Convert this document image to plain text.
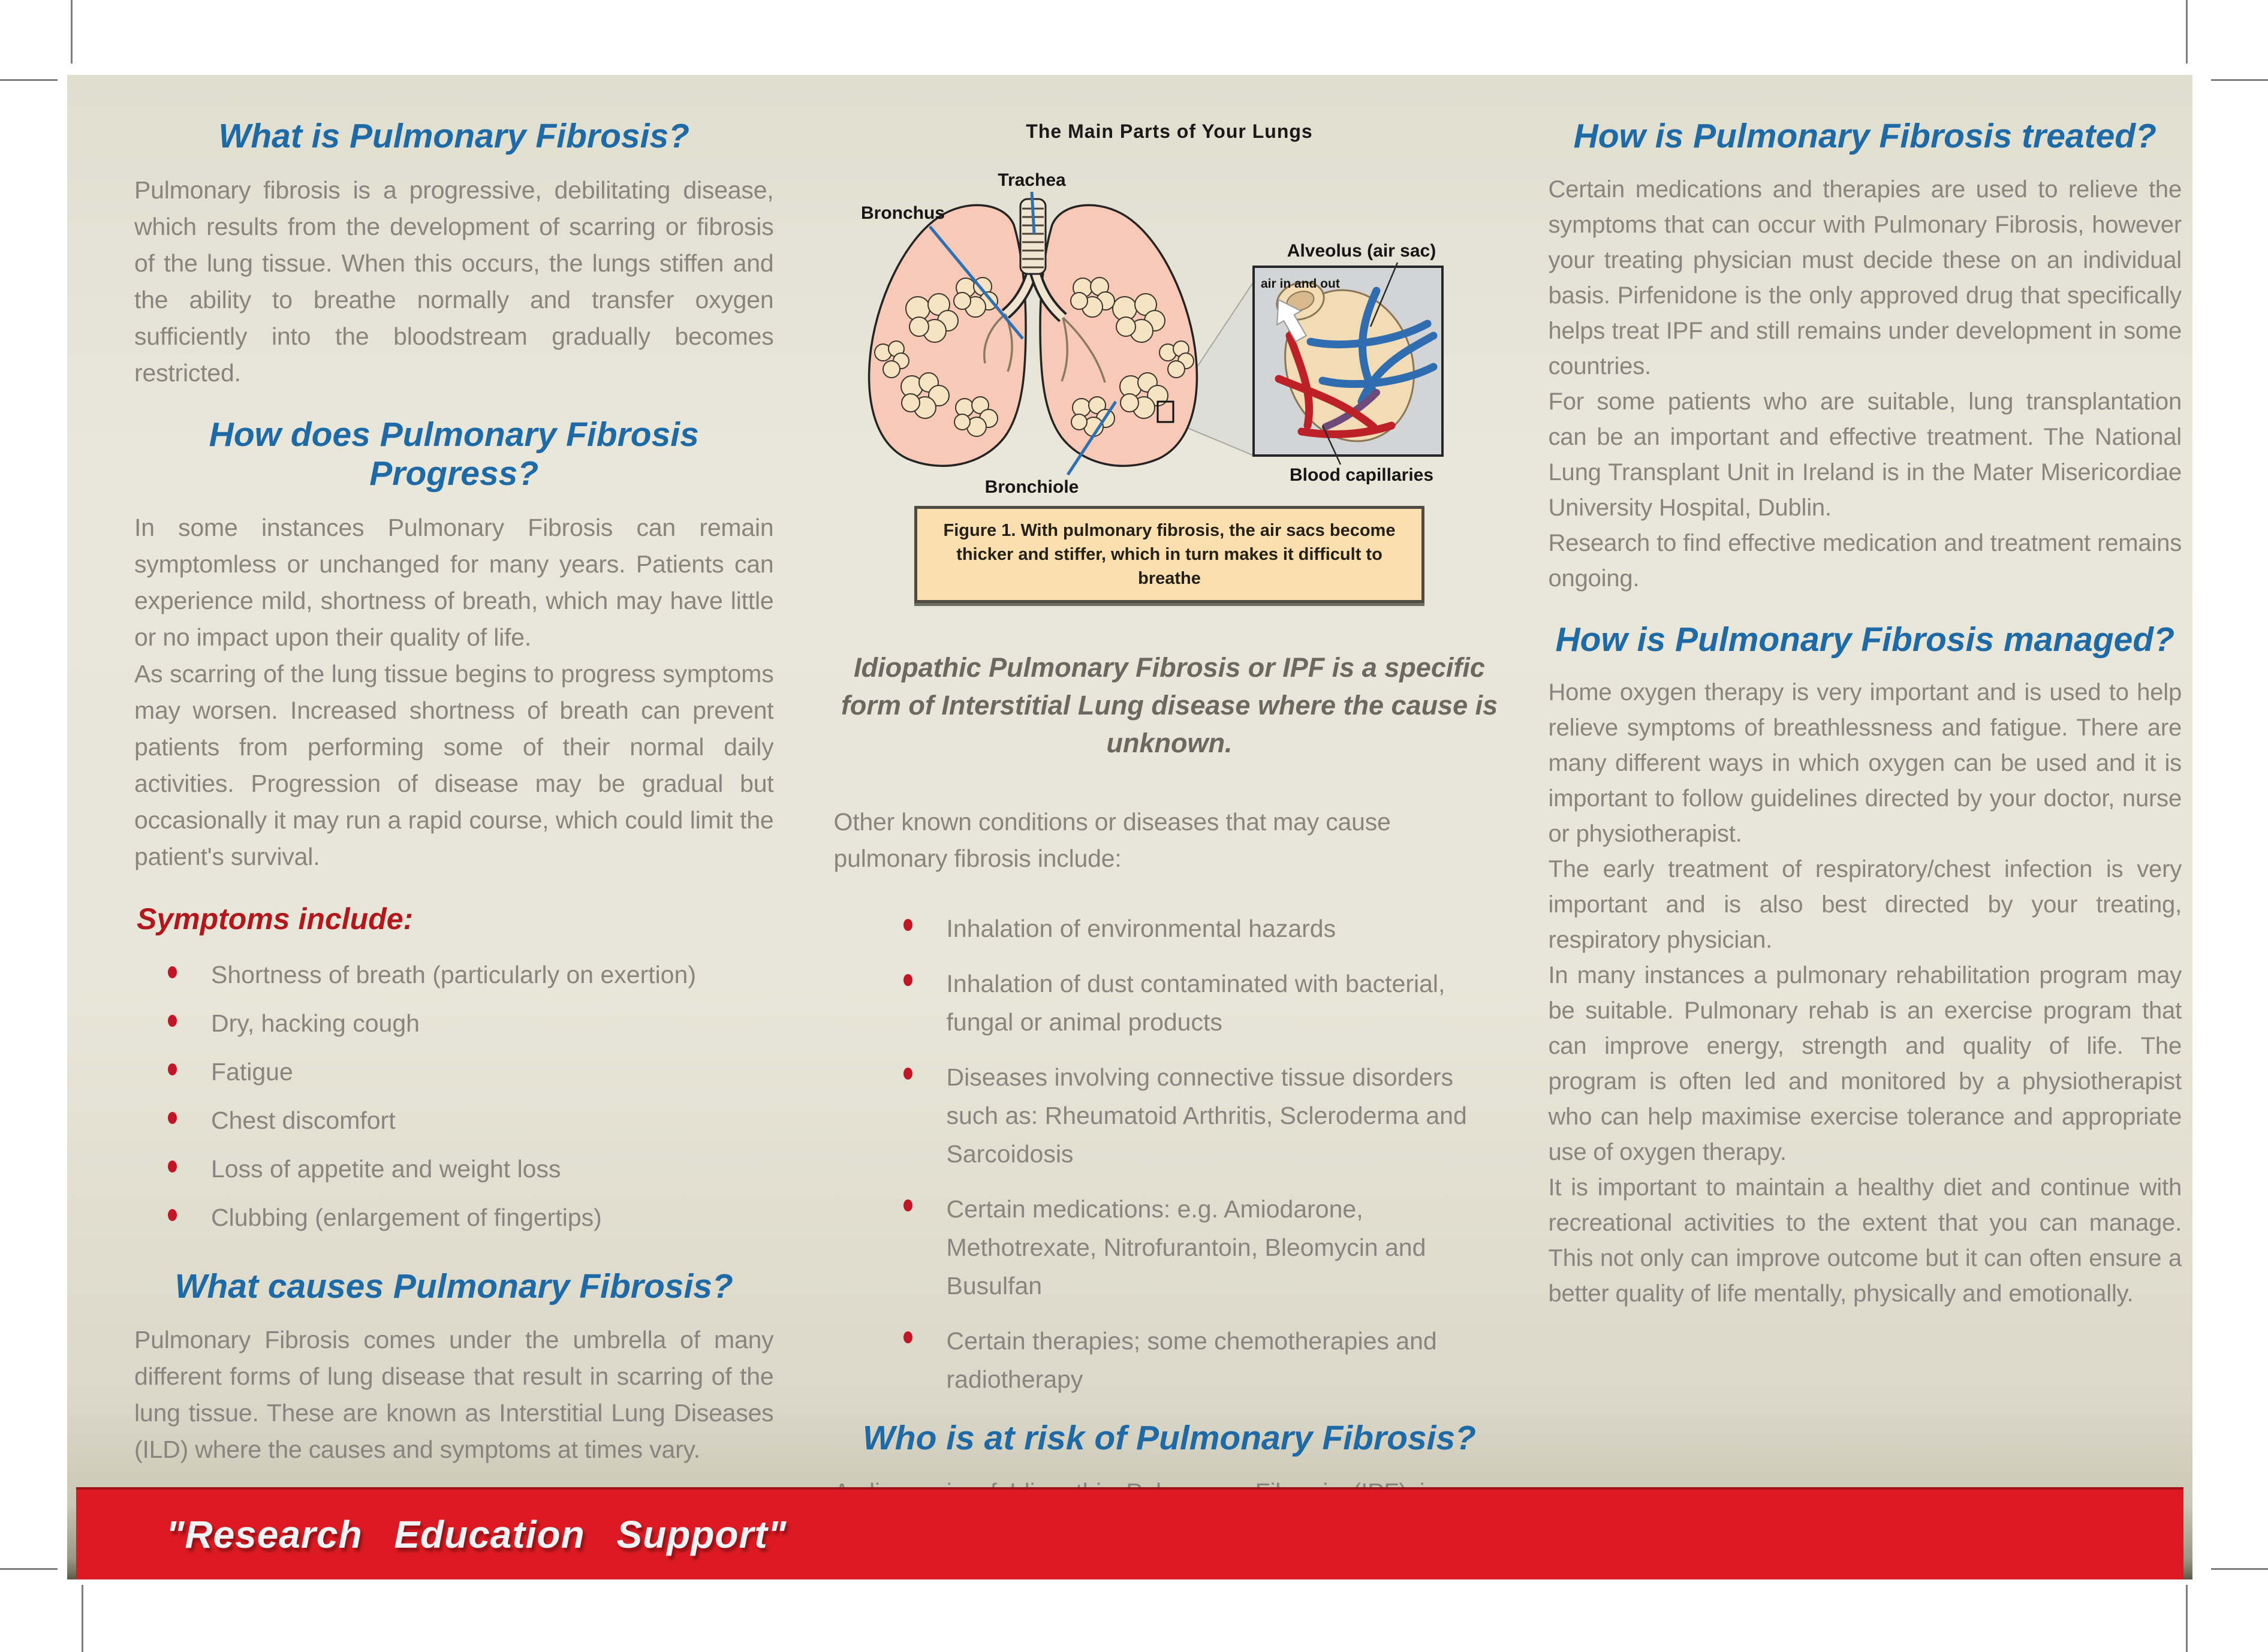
What is Pulmonary Fibrosis?

Pulmonary fibrosis is a progressive, debilitating disease, which results from the development of scarring or fibrosis of the lung tissue. When this occurs, the lungs stiffen and the ability to breathe normally and transfer oxygen sufficiently into the bloodstream gradually becomes restricted.

How does Pulmonary Fibrosis Progress?

In some instances Pulmonary Fibrosis can remain symptomless or unchanged for many years. Patients can experience mild, shortness of breath, which may have little or no impact upon their quality of life.

As scarring of the lung tissue begins to progress symptoms may worsen. Increased shortness of breath can prevent patients from performing some of their normal daily activities. Progression of disease may be gradual but occasionally it may run a rapid course, which could limit the patient's survival.

Symptoms include:
Shortness of breath (particularly on exertion)
Dry, hacking cough
Fatigue
Chest discomfort
Loss of appetite and weight loss
Clubbing (enlargement of fingertips)
What causes Pulmonary Fibrosis?

Pulmonary Fibrosis comes under the umbrella of many different forms of lung disease that result in scarring of the lung tissue. These are known as Interstitial Lung Diseases (ILD) where the causes and symptoms at times vary.

The Main Parts of Your Lungs
Trachea
Bronchus
Bronchiole
Alveolus (air sac)
air in and out
Blood capillaries

Figure 1. With pulmonary fibrosis, the air sacs become thicker and stiffer, which in turn makes it difficult to breathe

Idiopathic Pulmonary Fibrosis or IPF is a specific form of Interstitial Lung disease where the cause is unknown.

Other known conditions or diseases that may cause pulmonary fibrosis include:

Inhalation of environmental hazards
Inhalation of dust contaminated with bacterial, fungal or animal products
Diseases involving connective tissue disorders such as: Rheumatoid Arthritis, Scleroderma and Sarcoidosis
Certain medications: e.g. Amiodarone, Methotrexate, Nitrofurantoin, Bleomycin and Busulfan
Certain therapies; some chemotherapies and radiotherapy
Who is at risk of Pulmonary Fibrosis?

How is Pulmonary Fibrosis treated?

Certain medications and therapies are used to relieve the symptoms that can occur with Pulmonary Fibrosis, however your treating physician must decide these on an individual basis. Pirfenidone is the only approved drug that specifically helps treat IPF and still remains under development in some countries.

For some patients who are suitable, lung transplantation can be an important and effective treatment. The National Lung Transplant Unit in Ireland is in the Mater Misericordiae University Hospital, Dublin.

Research to find effective medication and treatment remains ongoing.

How is Pulmonary Fibrosis managed?

Home oxygen therapy is very important and is used to help relieve symptoms of breathlessness and fatigue. There are many different ways in which oxygen can be used and it is important to follow guidelines directed by your doctor, nurse or physiotherapist.

The early treatment of respiratory/chest infection is very important and is also best directed by your treating, respiratory physician.

In many instances a pulmonary rehabilitation program may be suitable. Pulmonary rehab is an exercise program that can improve energy, strength and quality of life. The program is often led and monitored by a physiotherapist who can help maximise exercise tolerance and appropriate use of oxygen therapy.

It is important to maintain a healthy diet and continue with recreational activities to the extent that you can manage. This not only can improve outcome but it can often ensure a better quality of life mentally, physically and emotionally.

"Research Education Support"
